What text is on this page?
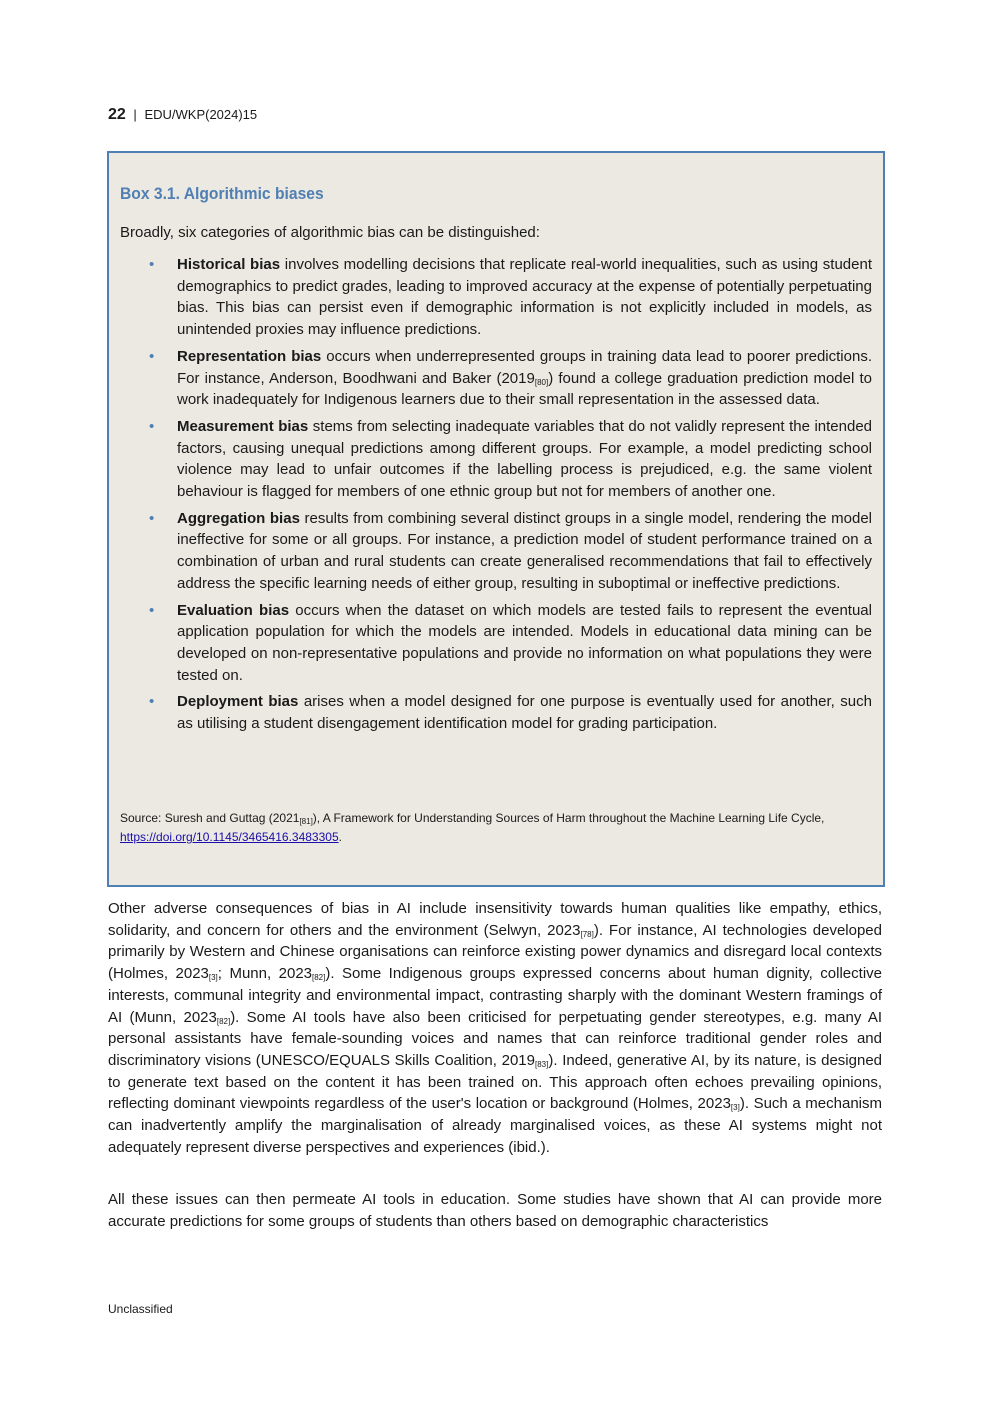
22 | EDU/WKP(2024)15
Box 3.1. Algorithmic biases

Broadly, six categories of algorithmic bias can be distinguished:

• Historical bias involves modelling decisions that replicate real-world inequalities, such as using student demographics to predict grades, leading to improved accuracy at the expense of potentially perpetuating bias. This bias can persist even if demographic information is not explicitly included in models, as unintended proxies may influence predictions.
• Representation bias occurs when underrepresented groups in training data lead to poorer predictions. For instance, Anderson, Boodhwani and Baker $(2019_{[80]})$ found a college graduation prediction model to work inadequately for Indigenous learners due to their small representation in the assessed data.
• Measurement bias stems from selecting inadequate variables that do not validly represent the intended factors, causing unequal predictions among different groups. For example, a model predicting school violence may lead to unfair outcomes if the labelling process is prejudiced, e.g. the same violent behaviour is flagged for members of one ethnic group but not for members of another one.
• Aggregation bias results from combining several distinct groups in a single model, rendering the model ineffective for some or all groups. For instance, a prediction model of student performance trained on a combination of urban and rural students can create generalised recommendations that fail to effectively address the specific learning needs of either group, resulting in suboptimal or ineffective predictions.
• Evaluation bias occurs when the dataset on which models are tested fails to represent the eventual application population for which the models are intended. Models in educational data mining can be developed on non-representative populations and provide no information on what populations they were tested on.
• Deployment bias arises when a model designed for one purpose is eventually used for another, such as utilising a student disengagement identification model for grading participation.

Source: Suresh and Guttag $(2021_{[81]})$, A Framework for Understanding Sources of Harm throughout the Machine Learning Life Cycle, https://doi.org/10.1145/3465416.3483305.

Other adverse consequences of bias in AI include insensitivity towards human qualities like empathy, ethics, solidarity, and concern for others and the environment (Selwyn, $2023_{[78]}$). For instance, AI technologies developed primarily by Western and Chinese organisations can reinforce existing power dynamics and disregard local contexts (Holmes, $2023_{[3]}$; Munn, $2023_{[82]}$). Some Indigenous groups expressed concerns about human dignity, collective interests, communal integrity and environmental impact, contrasting sharply with the dominant Western framings of AI (Munn, $2023_{[82]}$). Some AI tools have also been criticised for perpetuating gender stereotypes, e.g. many AI personal assistants have female-sounding voices and names that can reinforce traditional gender roles and discriminatory visions (UNESCO/EQUALS Skills Coalition, $2019_{[83]}$). Indeed, generative AI, by its nature, is designed to generate text based on the content it has been trained on. This approach often echoes prevailing opinions, reflecting dominant viewpoints regardless of the user's location or background (Holmes, $2023_{[3]}$). Such a mechanism can inadvertently amplify the marginalisation of already marginalised voices, as these AI systems might not adequately represent diverse perspectives and experiences (ibid.).

All these issues can then permeate AI tools in education. Some studies have shown that AI can provide more accurate predictions for some groups of students than others based on demographic characteristics

Unclassified
